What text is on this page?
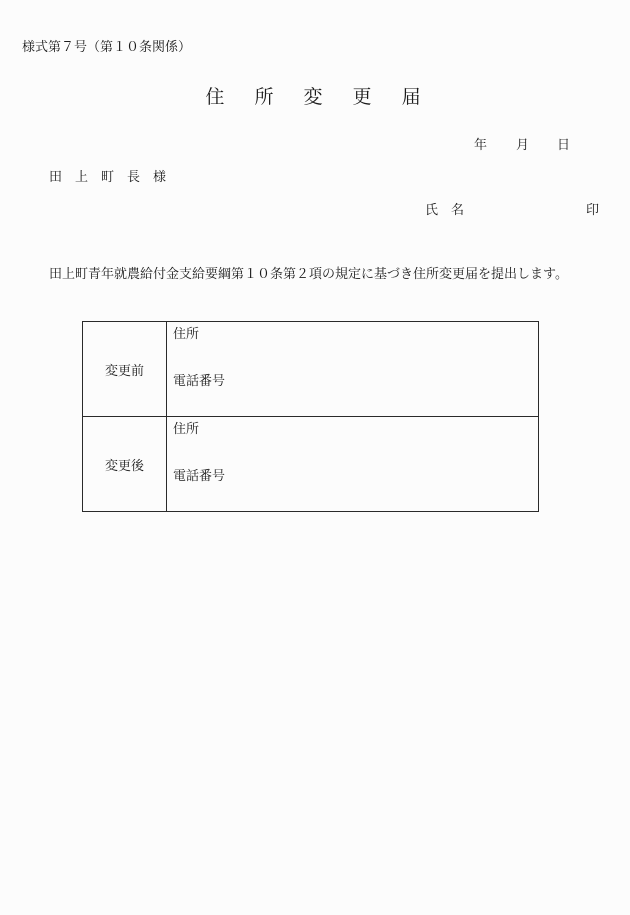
様式第７号（第１０条関係）
住 所 変 更 届
年 月 日
田上町長様
氏　名	印
田上町青年就農給付金支給要綱第１０条第２項の規定に基づき住所変更届を提出します。
変更前	住所
電話番号

変更後	住所
電話番号
